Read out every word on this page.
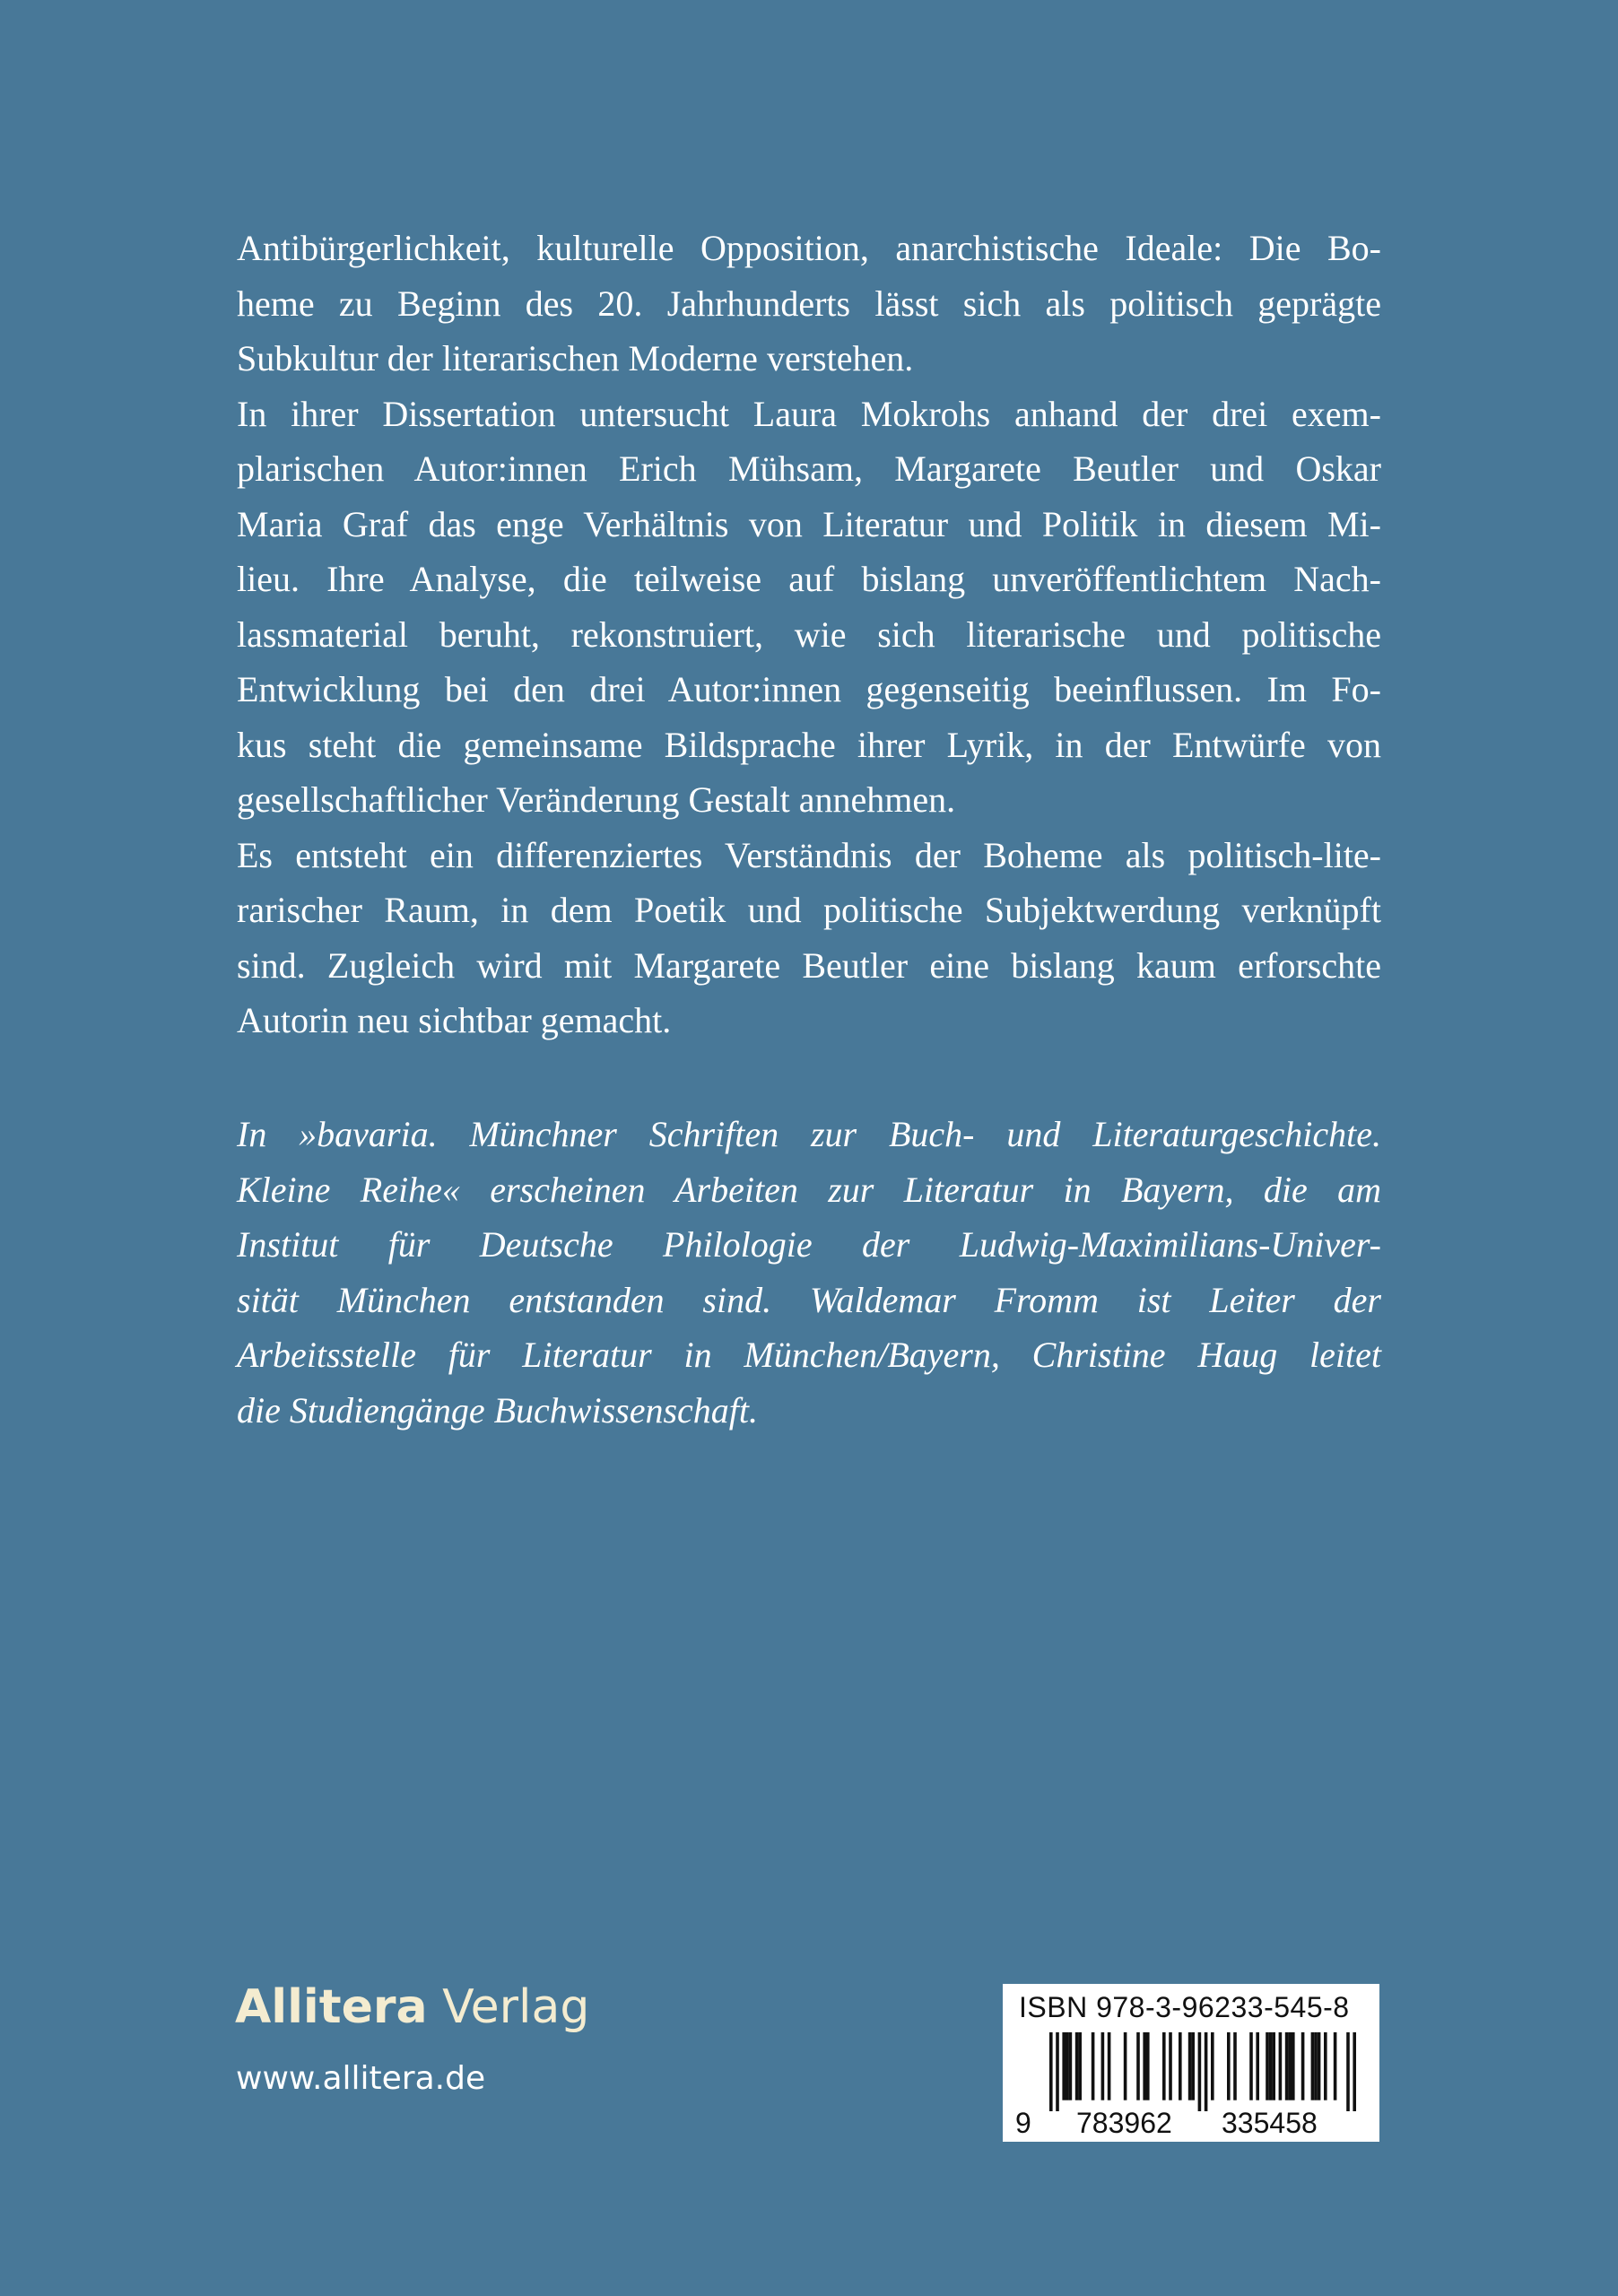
Antibürgerlichkeit, kulturelle Opposition, anarchistische Ideale: Die Bo-
heme zu Beginn des 20. Jahrhunderts lässt sich als politisch geprägte
Subkultur der literarischen Moderne verstehen.
In ihrer Dissertation untersucht Laura Mokrohs anhand der drei exem-
plarischen Autor:innen Erich Mühsam, Margarete Beutler und Oskar
Maria Graf das enge Verhältnis von Literatur und Politik in diesem Mi-
lieu. Ihre Analyse, die teilweise auf bislang unveröffentlichtem Nach-
lassmaterial beruht, rekonstruiert, wie sich literarische und politische
Entwicklung bei den drei Autor:innen gegenseitig beeinflussen. Im Fo-
kus steht die gemeinsame Bildsprache ihrer Lyrik, in der Entwürfe von
gesellschaftlicher Veränderung Gestalt annehmen.
Es entsteht ein differenziertes Verständnis der Boheme als politisch-lite-
rarischer Raum, in dem Poetik und politische Subjektwerdung verknüpft
sind. Zugleich wird mit Margarete Beutler eine bislang kaum erforschte
Autorin neu sichtbar gemacht.
In »bavaria. Münchner Schriften zur Buch- und Literaturgeschichte.
Kleine Reihe« erscheinen Arbeiten zur Literatur in Bayern, die am
Institut für Deutsche Philologie der Ludwig-Maximilians-Univer-
sität München entstanden sind. Waldemar Fromm ist Leiter der
Arbeitsstelle für Literatur in München/Bayern, Christine Haug leitet
die Studiengänge Buchwissenschaft.
Allitera Verlag
www.allitera.de
ISBN 978-3-96233-545-8
9 783962 335458
